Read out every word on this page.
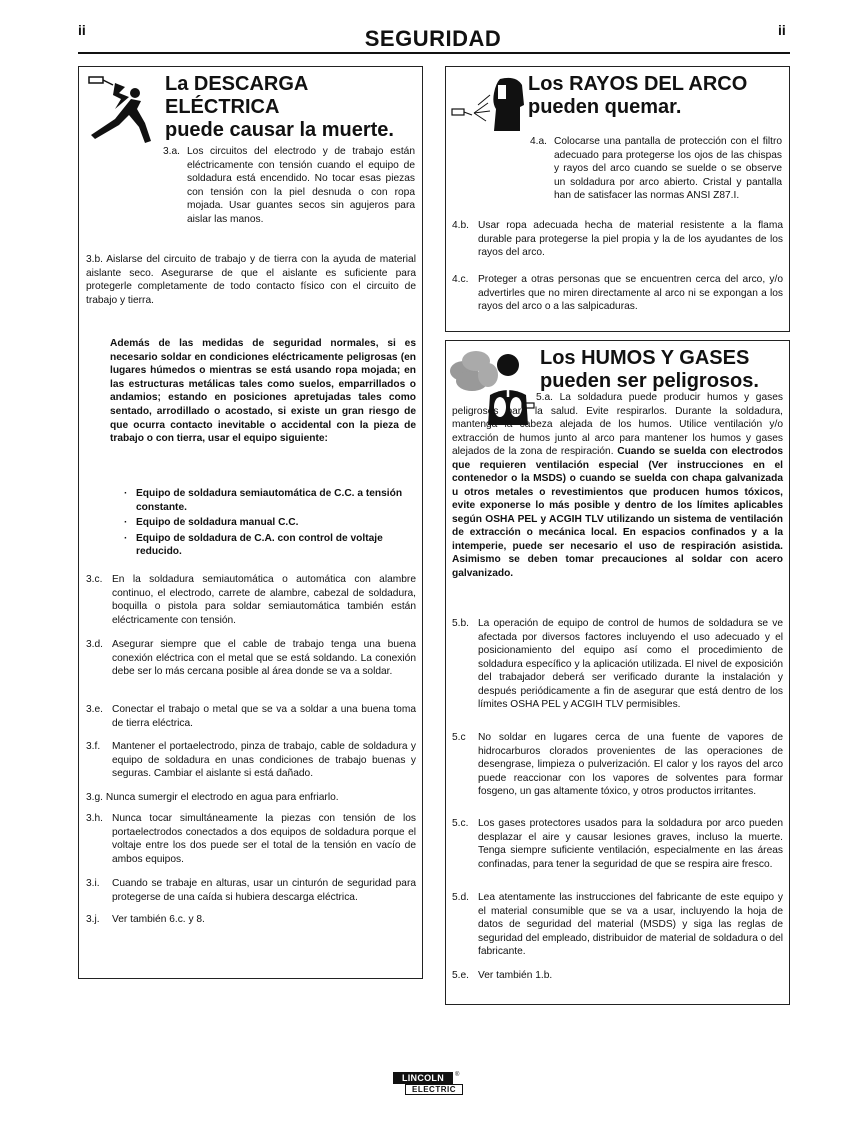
ii	SEGURIDAD	ii
La DESCARGA ELÉCTRICA
puede causar la muerte.
3.a. Los circuitos del electrodo y de trabajo están eléctricamente con tensión cuando el equipo de soldadura está encendido. No tocar esas piezas con tensión con la piel desnuda o con ropa mojada. Usar guantes secos sin agujeros para aislar las manos.
3.b. Aislarse del circuito de trabajo y de tierra con la ayuda de material aislante seco. Asegurarse de que el aislante es suficiente para protegerle completamente de todo contacto físico con el circuito de trabajo y tierra.
Además de las medidas de seguridad normales, si es necesario soldar en condiciones eléctricamente peligrosas (en lugares húmedos o mientras se está usando ropa mojada; en las estructuras metálicas tales como suelos, emparrillados o andamios; estando en posiciones apretujadas tales como sentado, arrodillado o acostado, si existe un gran riesgo de que ocurra contacto inevitable o accidental con la pieza de trabajo o con tierra, usar el equipo siguiente:
· Equipo de soldadura semiautomática de C.C. a tensión constante.
· Equipo de soldadura manual C.C.
· Equipo de soldadura de C.A. con control de voltaje reducido.
3.c. En la soldadura semiautomática o automática con alambre continuo, el electrodo, carrete de alambre, cabezal de soldadura, boquilla o pistola para soldar semiautomática también están eléctricamente con tensión.
3.d. Asegurar siempre que el cable de trabajo tenga una buena conexión eléctrica con el metal que se está soldando. La conexión debe ser lo más cercana posible al área donde se va a soldar.
3.e. Conectar el trabajo o metal que se va a soldar a una buena toma de tierra eléctrica.
3.f. Mantener el portaelectrodo, pinza de trabajo, cable de soldadura y equipo de soldadura en unas condiciones de trabajo buenas y seguras. Cambiar el aislante si está dañado.
3.g. Nunca sumergir el electrodo en agua para enfriarlo.
3.h. Nunca tocar simultáneamente la piezas con tensión de los portaelectrodos conectados a dos equipos de soldadura porque el voltaje entre los dos puede ser el total de la tensión en vacío de ambos equipos.
3.i. Cuando se trabaje en alturas, usar un cinturón de seguridad para protegerse de una caída si hubiera descarga eléctrica.
3.j. Ver también 6.c. y 8.
Los RAYOS DEL ARCO
pueden quemar.
4.a. Colocarse una pantalla de protección con el filtro adecuado para protegerse los ojos de las chispas y rayos del arco cuando se suelde o se observe un soldadura por arco abierto. Cristal y pantalla han de satisfacer las normas ANSI Z87.I.
4.b. Usar ropa adecuada hecha de material resistente a la flama durable para protegerse la piel propia y la de los ayudantes de los rayos del arco.
4.c. Proteger a otras personas que se encuentren cerca del arco, y/o advertirles que no miren directamente al arco ni se expongan a los rayos del arco o a las salpicaduras.
Los HUMOS Y GASES
pueden ser peligrosos.
5.a. La soldadura puede producir humos y gases peligrosos para la salud. Evite respirarlos. Durante la soldadura, mantenga la cabeza alejada de los humos. Utilice ventilación y/o extracción de humos junto al arco para mantener los humos y gases alejados de la zona de respiración. Cuando se suelda con electrodos que requieren ventilación especial (Ver instrucciones en el contenedor o la MSDS) o cuando se suelda con chapa galvanizada u otros metales o revestimientos que producen humos tóxicos, evite exponerse lo más posible y dentro de los límites aplicables según OSHA PEL y ACGIH TLV utilizando un sistema de ventilación de extracción o mecánica local. En espacios confinados y a la intemperie, puede ser necesario el uso de respiración asistida. Asimismo se deben tomar precauciones al soldar con acero galvanizado.
5.b. La operación de equipo de control de humos de soldadura se ve afectada por diversos factores incluyendo el uso adecuado y el posicionamiento del equipo así como el procedimiento de soldadura específico y la aplicación utilizada. El nivel de exposición del trabajador deberá ser verificado durante la instalación y después periódicamente a fin de asegurar que está dentro de los límites OSHA PEL y ACGIH TLV permisibles.
5.c No soldar en lugares cerca de una fuente de vapores de hidrocarburos clorados provenientes de las operaciones de desengrase, limpieza o pulverización. El calor y los rayos del arco puede reaccionar con los vapores de solventes para formar fosgeno, un gas altamente tóxico, y otros productos irritantes.
5.c. Los gases protectores usados para la soldadura por arco pueden desplazar el aire y causar lesiones graves, incluso la muerte. Tenga siempre suficiente ventilación, especialmente en las áreas confinadas, para tener la seguridad de que se respira aire fresco.
5.d. Lea atentamente las instrucciones del fabricante de este equipo y el material consumible que se va a usar, incluyendo la hoja de datos de seguridad del material (MSDS) y siga las reglas de seguridad del empleado, distribuidor de material de soldadura o del fabricante.
5.e. Ver también 1.b.
LINCOLN
ELECTRIC
®
